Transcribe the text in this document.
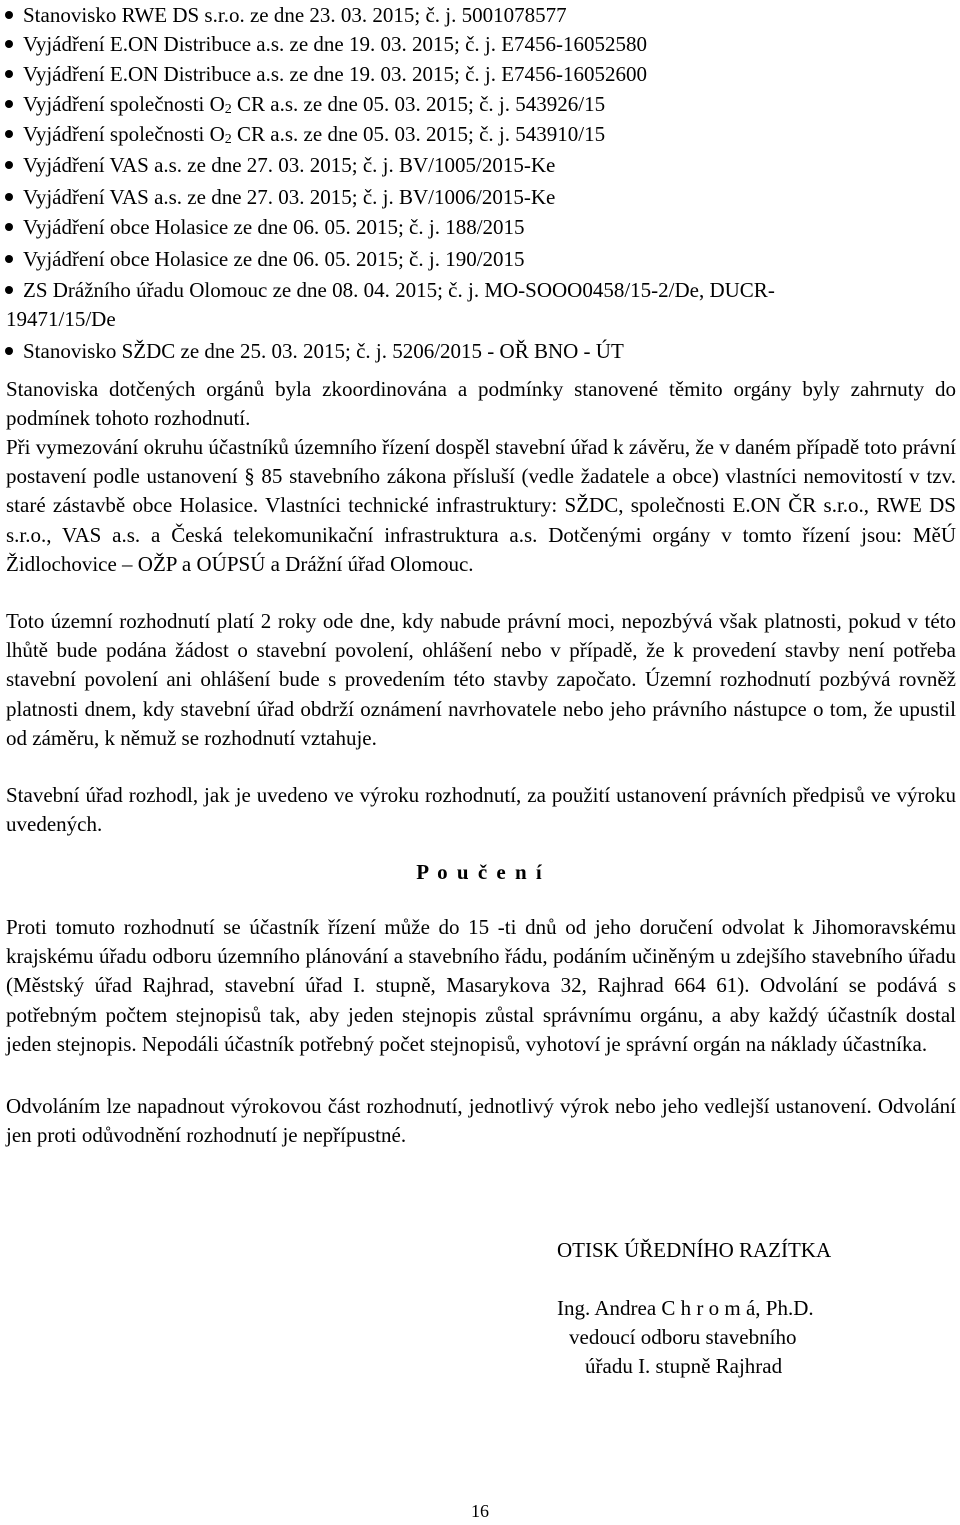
Stanovisko RWE DS s.r.o. ze dne 23. 03. 2015; č. j. 5001078577
Vyjádření E.ON Distribuce a.s. ze dne 19. 03. 2015; č. j. E7456-16052580
Vyjádření E.ON Distribuce a.s. ze dne 19. 03. 2015; č. j. E7456-16052600
Vyjádření společnosti $O_2$ CR a.s. ze dne 05. 03. 2015; č. j. 543926/15
Vyjádření společnosti $O_2$ CR a.s. ze dne 05. 03. 2015; č. j. 543910/15
Vyjádření VAS a.s. ze dne 27. 03. 2015; č. j. BV/1005/2015-Ke
Vyjádření VAS a.s. ze dne 27. 03. 2015; č. j. BV/1006/2015-Ke
Vyjádření obce Holasice ze dne 06. 05. 2015; č. j. 188/2015
Vyjádření obce Holasice ze dne 06. 05. 2015; č. j. 190/2015
ZS Drážního úřadu Olomouc ze dne 08. 04. 2015; č. j. MO-SOOO0458/15-2/De, DUCR-
19471/15/De
Stanovisko SŽDC ze dne 25. 03. 2015; č. j. 5206/2015 - OŘ BNO - ÚT

Stanoviska dotčených orgánů byla zkoordinována a podmínky stanovené těmito orgány byly zahrnuty do podmínek tohoto rozhodnutí.

Při vymezování okruhu účastníků územního řízení dospěl stavební úřad k závěru, že v daném případě toto právní postavení podle ustanovení § 85 stavebního zákona přísluší (vedle žadatele a obce) vlastníci nemovitostí v tzv. staré zástavbě obce Holasice. Vlastníci technické infrastruktury: SŽDC, společnosti E.ON ČR s.r.o., RWE DS s.r.o., VAS a.s. a Česká telekomunikační infrastruktura a.s. Dotčenými orgány v tomto řízení jsou: MěÚ Židlochovice – OŽP a OÚPSÚ a Drážní úřad Olomouc.

Toto územní rozhodnutí platí 2 roky ode dne, kdy nabude právní moci, nepozbývá však platnosti, pokud v této lhůtě bude podána žádost o stavební povolení, ohlášení nebo v případě, že k provedení stavby není potřeba stavební povolení ani ohlášení bude s provedením této stavby započato. Územní rozhodnutí pozbývá rovněž platnosti dnem, kdy stavební úřad obdrží oznámení navrhovatele nebo jeho právního nástupce o tom, že upustil od záměru, k němuž se rozhodnutí vztahuje.

Stavební úřad rozhodl, jak je uvedeno ve výroku rozhodnutí, za použití ustanovení právních předpisů ve výroku uvedených.

P o u č e n í

Proti tomuto rozhodnutí se účastník řízení může do 15 -ti dnů od jeho doručení odvolat k Jihomoravskému krajskému úřadu odboru územního plánování a stavebního řádu, podáním učiněným u zdejšího stavebního úřadu (Městský úřad Rajhrad, stavební úřad I. stupně, Masarykova 32, Rajhrad 664 61). Odvolání se podává s potřebným počtem stejnopisů tak, aby jeden stejnopis zůstal správnímu orgánu, a aby každý účastník dostal jeden stejnopis. Nepodáli účastník potřebný počet stejnopisů, vyhotoví je správní orgán na náklady účastníka.

Odvoláním lze napadnout výrokovou část rozhodnutí, jednotlivý výrok nebo jeho vedlejší ustanovení. Odvolání jen proti odůvodnění rozhodnutí je nepřípustné.

OTISK ÚŘEDNÍHO RAZÍTKA
Ing. Andrea C h r o m á, Ph.D.
vedoucí odboru stavebního
úřadu I. stupně Rajhrad
16
